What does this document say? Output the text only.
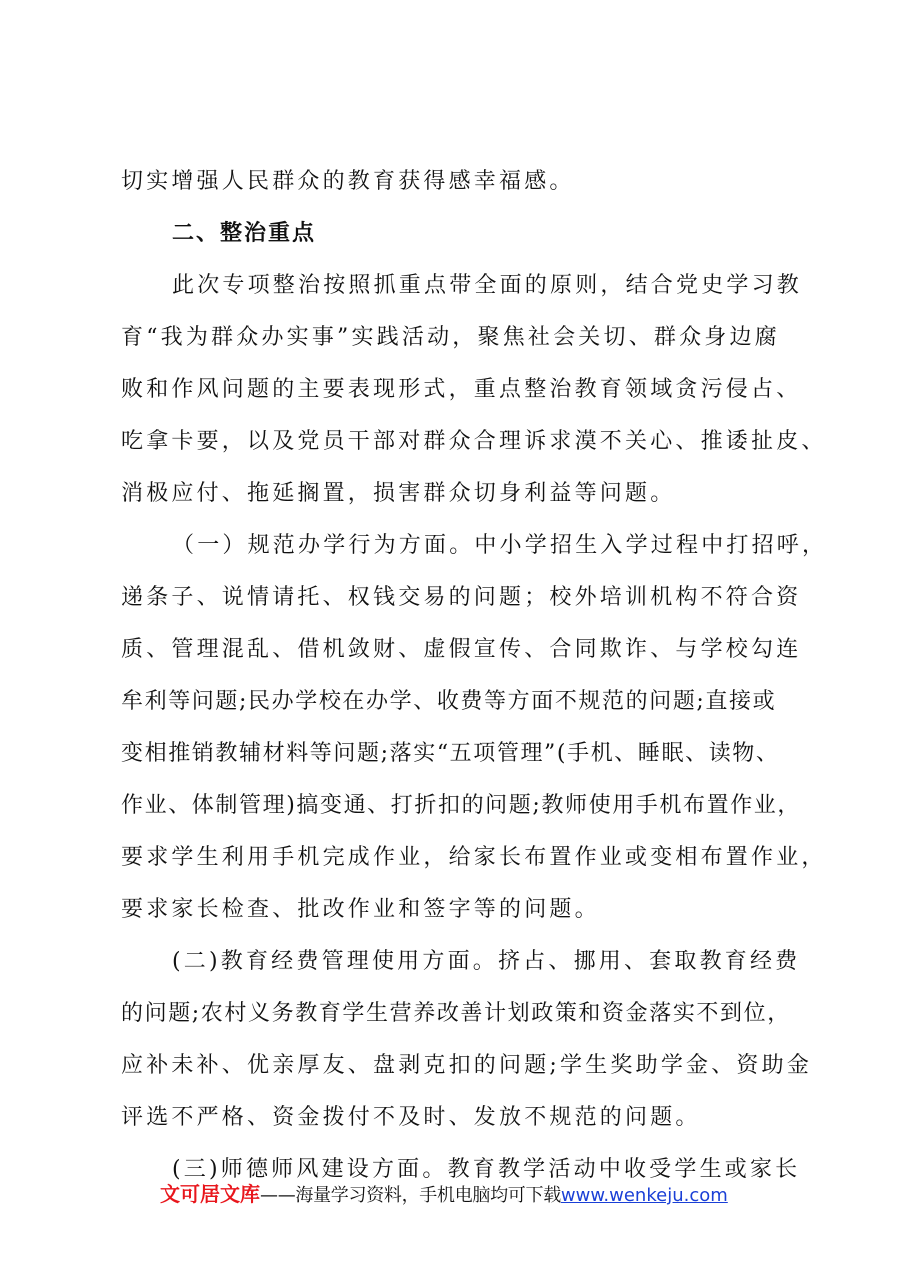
切实增强人民群众的教育获得感幸福感。
二、整治重点
此次专项整治按照抓重点带全面的原则，结合党史学习教
育“我为群众办实事”实践活动，聚焦社会关切、群众身边腐
败和作风问题的主要表现形式，重点整治教育领域贪污侵占、
吃拿卡要，以及党员干部对群众合理诉求漠不关心、推诿扯皮、
消极应付、拖延搁置，损害群众切身利益等问题。
（一）规范办学行为方面。中小学招生入学过程中打招呼，
递条子、说情请托、权钱交易的问题；校外培训机构不符合资
质、管理混乱、借机敛财、虚假宣传、合同欺诈、与学校勾连
牟利等问题;民办学校在办学、收费等方面不规范的问题;直接或
变相推销教辅材料等问题;落实“五项管理”(手机、睡眠、读物、
作业、体制管理)搞变通、打折扣的问题;教师使用手机布置作业，
要求学生利用手机完成作业，给家长布置作业或变相布置作业，
要求家长检查、批改作业和签字等的问题。
(二)教育经费管理使用方面。挤占、挪用、套取教育经费
的问题;农村义务教育学生营养改善计划政策和资金落实不到位，
应补未补、优亲厚友、盘剥克扣的问题;学生奖助学金、资助金
评选不严格、资金拨付不及时、发放不规范的问题。
(三)师德师风建设方面。教育教学活动中收受学生或家长
文可居文库——海量学习资料，手机电脑均可下载www.wenkeju.com
